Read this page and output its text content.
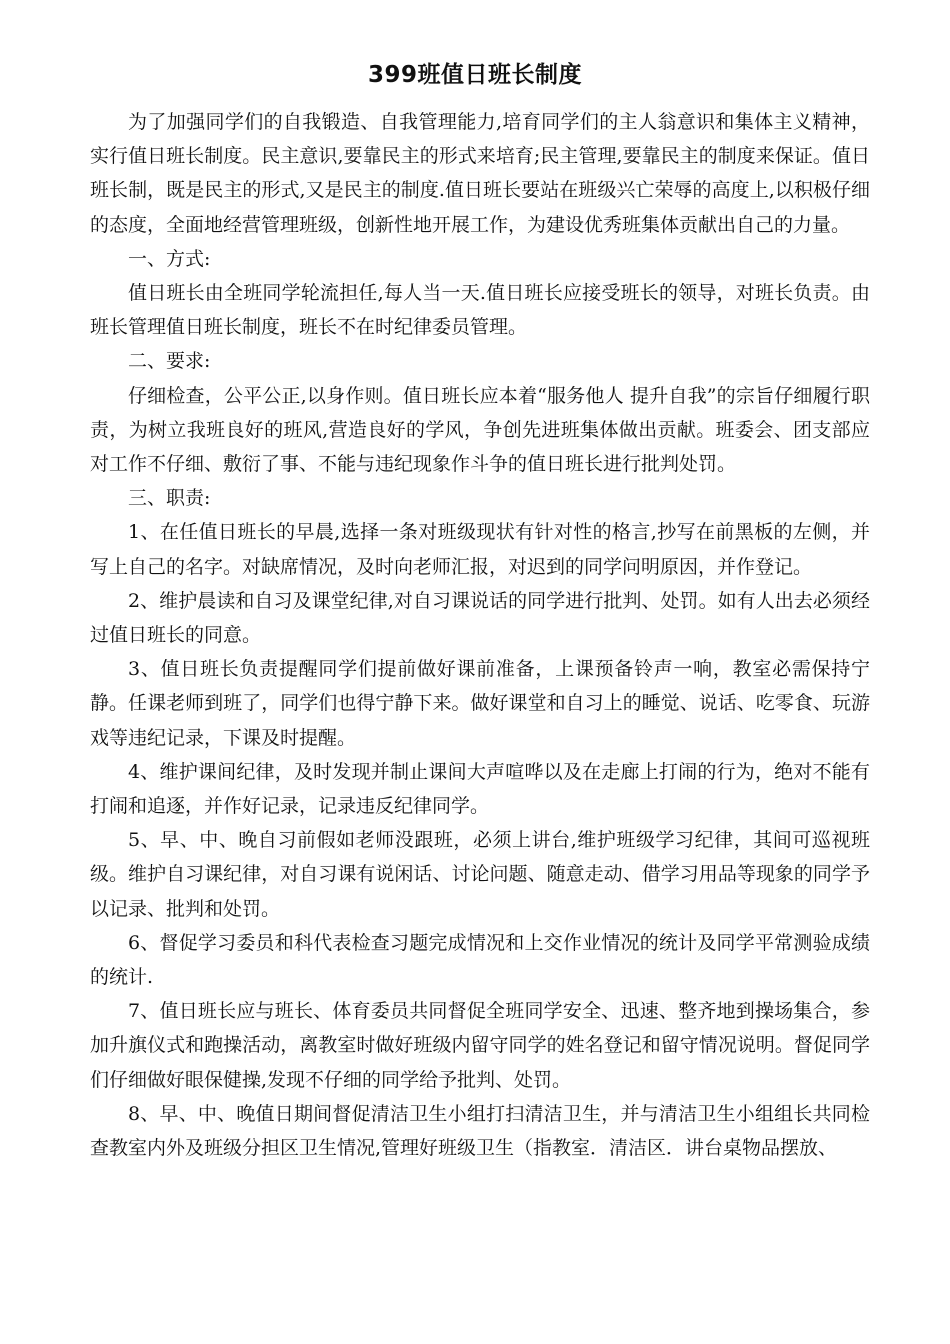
399班值日班长制度

为了加强同学们的自我锻造、自我管理能力,培育同学们的主人翁意识和集体主义精神，实行值日班长制度。民主意识,要靠民主的形式来培育;民主管理,要靠民主的制度来保证。值日班长制，既是民主的形式,又是民主的制度.值日班长要站在班级兴亡荣辱的高度上,以积极仔细的态度，全面地经营管理班级，创新性地开展工作，为建设优秀班集体贡献出自己的力量。

一、方式:

值日班长由全班同学轮流担任,每人当一天.值日班长应接受班长的领导，对班长负责。由班长管理值日班长制度，班长不在时纪律委员管理。

二、要求:

仔细检查，公平公正,以身作则。值日班长应本着“服务他人 提升自我”的宗旨仔细履行职责，为树立我班良好的班风,营造良好的学风，争创先进班集体做出贡献。班委会、团支部应对工作不仔细、敷衍了事、不能与违纪现象作斗争的值日班长进行批判处罚。

三、职责:

1、在任值日班长的早晨,选择一条对班级现状有针对性的格言,抄写在前黑板的左侧，并写上自己的名字。对缺席情况，及时向老师汇报，对迟到的同学问明原因，并作登记。

2、维护晨读和自习及课堂纪律,对自习课说话的同学进行批判、处罚。如有人出去必须经过值日班长的同意。

3、值日班长负责提醒同学们提前做好课前准备，上课预备铃声一响，教室必需保持宁静。任课老师到班了，同学们也得宁静下来。做好课堂和自习上的睡觉、说话、吃零食、玩游戏等违纪记录，下课及时提醒。

4、维护课间纪律，及时发现并制止课间大声喧哗以及在走廊上打闹的行为，绝对不能有打闹和追逐，并作好记录，记录违反纪律同学。

5、早、中、晚自习前假如老师没跟班，必须上讲台,维护班级学习纪律，其间可巡视班级。维护自习课纪律，对自习课有说闲话、讨论问题、随意走动、借学习用品等现象的同学予以记录、批判和处罚。

6、督促学习委员和科代表检查习题完成情况和上交作业情况的统计及同学平常测验成绩的统计.

7、值日班长应与班长、体育委员共同督促全班同学安全、迅速、整齐地到操场集合，参加升旗仪式和跑操活动，离教室时做好班级内留守同学的姓名登记和留守情况说明。督促同学们仔细做好眼保健操,发现不仔细的同学给予批判、处罚。

8、早、中、晚值日期间督促清洁卫生小组打扫清洁卫生，并与清洁卫生小组组长共同检查教室内外及班级分担区卫生情况,管理好班级卫生（指教室．清洁区．讲台桌物品摆放、
